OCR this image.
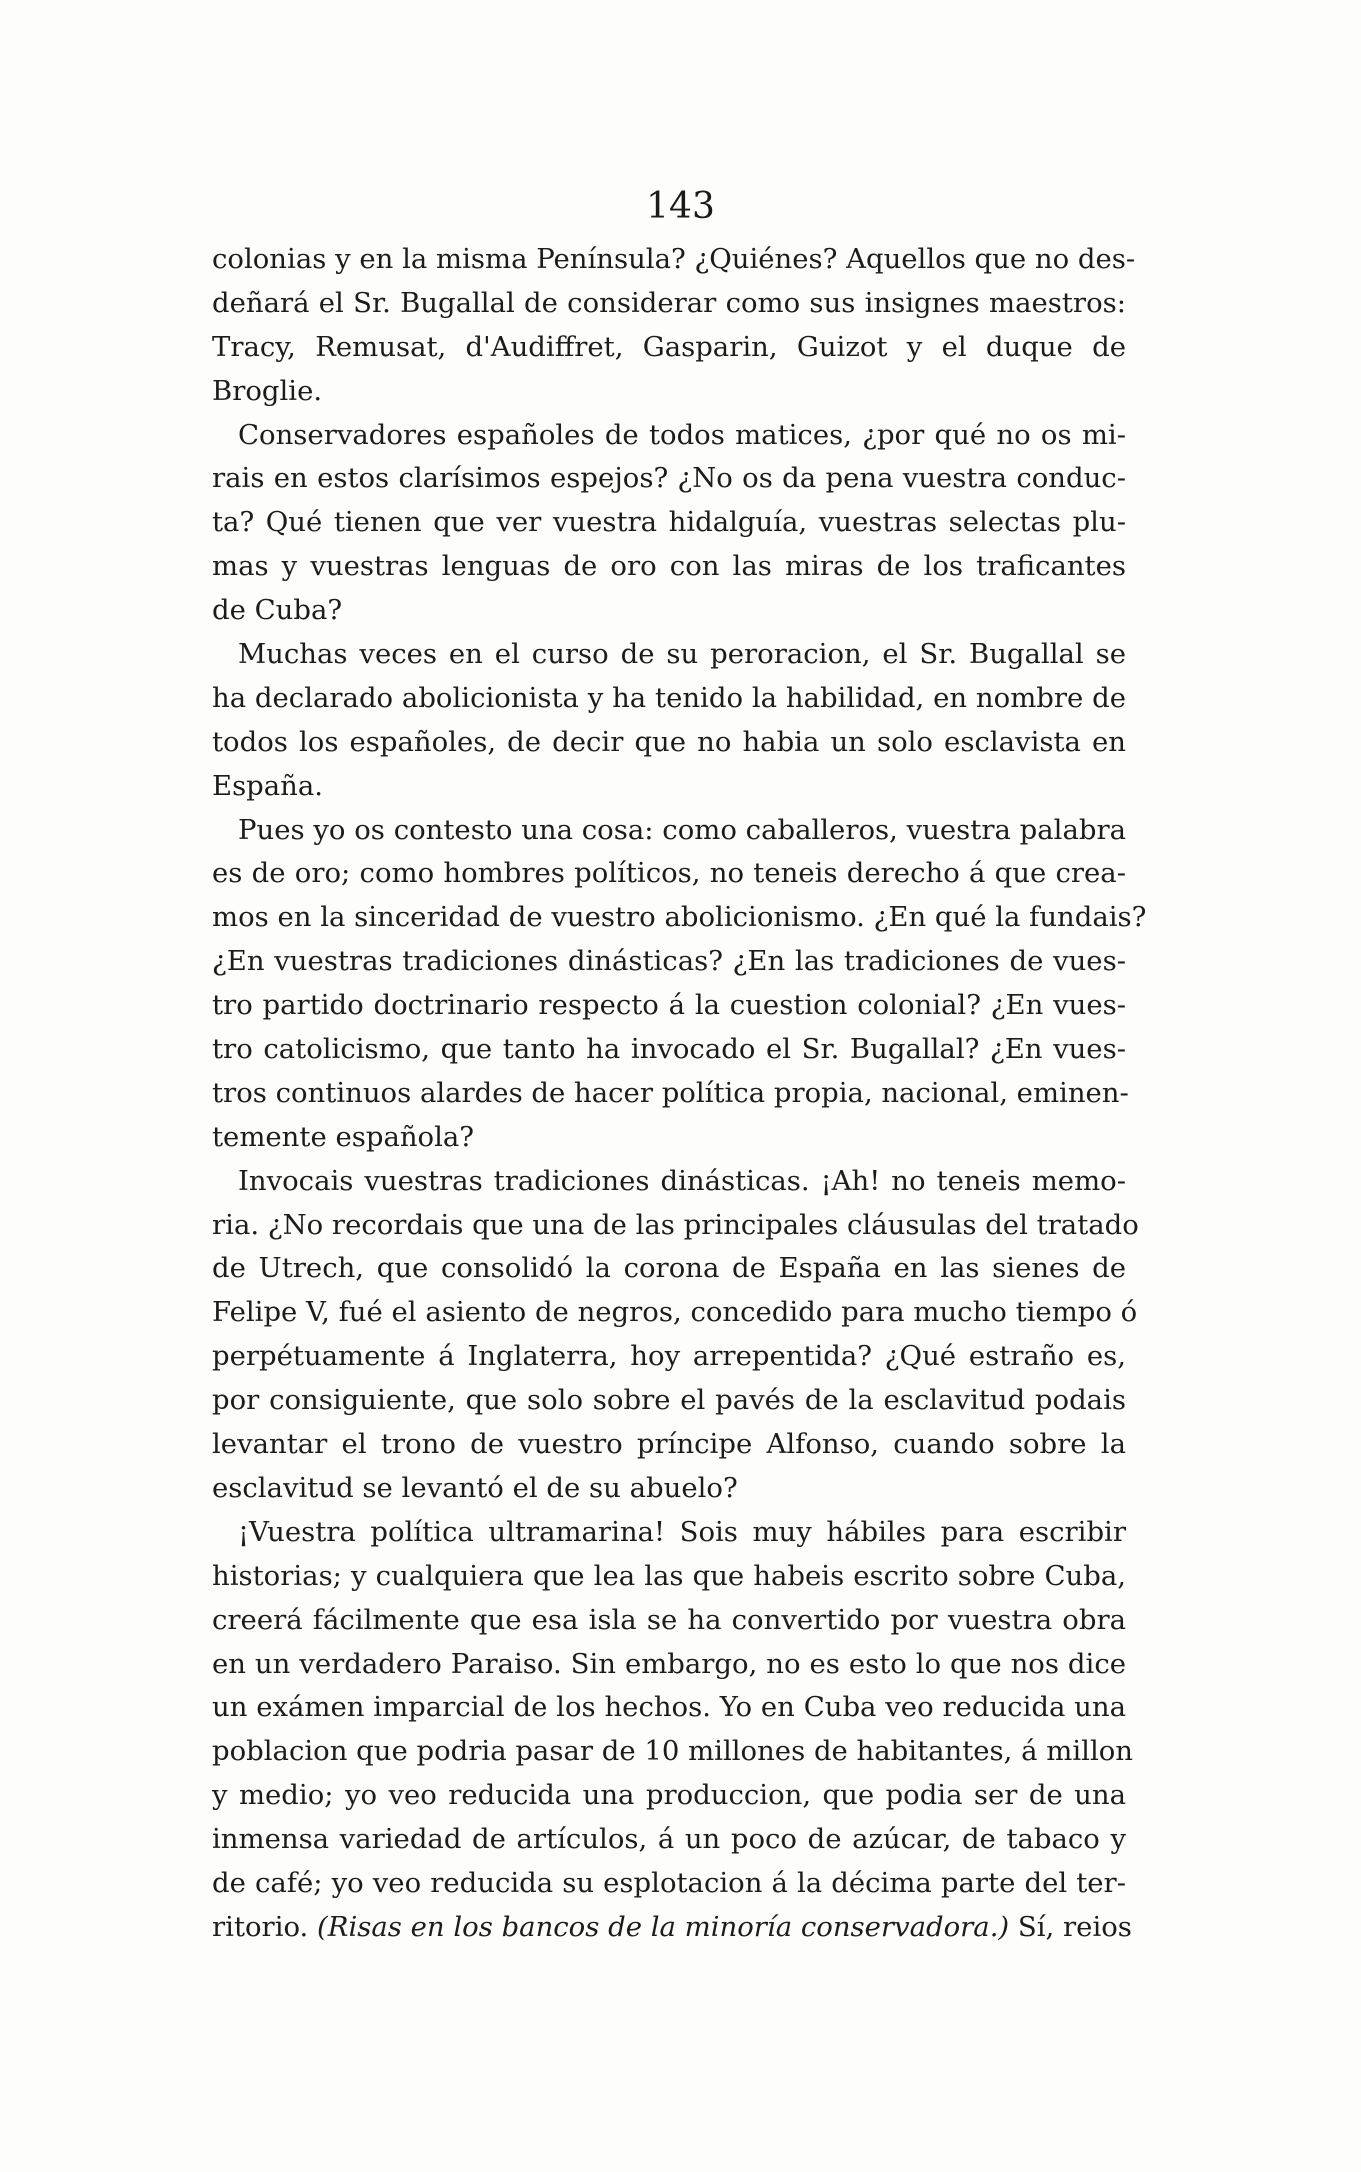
143
colonias y en la misma Península? ¿Quiénes? Aquellos que no des-
deñará el Sr. Bugallal de considerar como sus insignes maestros:
Tracy, Remusat, d'Audiffret, Gasparin, Guizot y el duque de
Broglie.
Conservadores españoles de todos matices, ¿por qué no os mi-
rais en estos clarísimos espejos? ¿No os da pena vuestra conduc-
ta? Qué tienen que ver vuestra hidalguía, vuestras selectas plu-
mas y vuestras lenguas de oro con las miras de los traficantes
de Cuba?
Muchas veces en el curso de su peroracion, el Sr. Bugallal se
ha declarado abolicionista y ha tenido la habilidad, en nombre de
todos los españoles, de decir que no habia un solo esclavista en
España.
Pues yo os contesto una cosa: como caballeros, vuestra palabra
es de oro; como hombres políticos, no teneis derecho á que crea-
mos en la sinceridad de vuestro abolicionismo. ¿En qué la fundais?
¿En vuestras tradiciones dinásticas? ¿En las tradiciones de vues-
tro partido doctrinario respecto á la cuestion colonial? ¿En vues-
tro catolicismo, que tanto ha invocado el Sr. Bugallal? ¿En vues-
tros continuos alardes de hacer política propia, nacional, eminen-
temente española?
Invocais vuestras tradiciones dinásticas. ¡Ah! no teneis memo-
ria. ¿No recordais que una de las principales cláusulas del tratado
de Utrech, que consolidó la corona de España en las sienes de
Felipe V, fué el asiento de negros, concedido para mucho tiempo ó
perpétuamente á Inglaterra, hoy arrepentida? ¿Qué estraño es,
por consiguiente, que solo sobre el pavés de la esclavitud podais
levantar el trono de vuestro príncipe Alfonso, cuando sobre la
esclavitud se levantó el de su abuelo?
¡Vuestra política ultramarina! Sois muy hábiles para escribir
historias; y cualquiera que lea las que habeis escrito sobre Cuba,
creerá fácilmente que esa isla se ha convertido por vuestra obra
en un verdadero Paraiso. Sin embargo, no es esto lo que nos dice
un exámen imparcial de los hechos. Yo en Cuba veo reducida una
poblacion que podria pasar de 10 millones de habitantes, á millon
y medio; yo veo reducida una produccion, que podia ser de una
inmensa variedad de artículos, á un poco de azúcar, de tabaco y
de café; yo veo reducida su esplotacion á la décima parte del ter-
ritorio. (Risas en los bancos de la minoría conservadora.) Sí, reios
